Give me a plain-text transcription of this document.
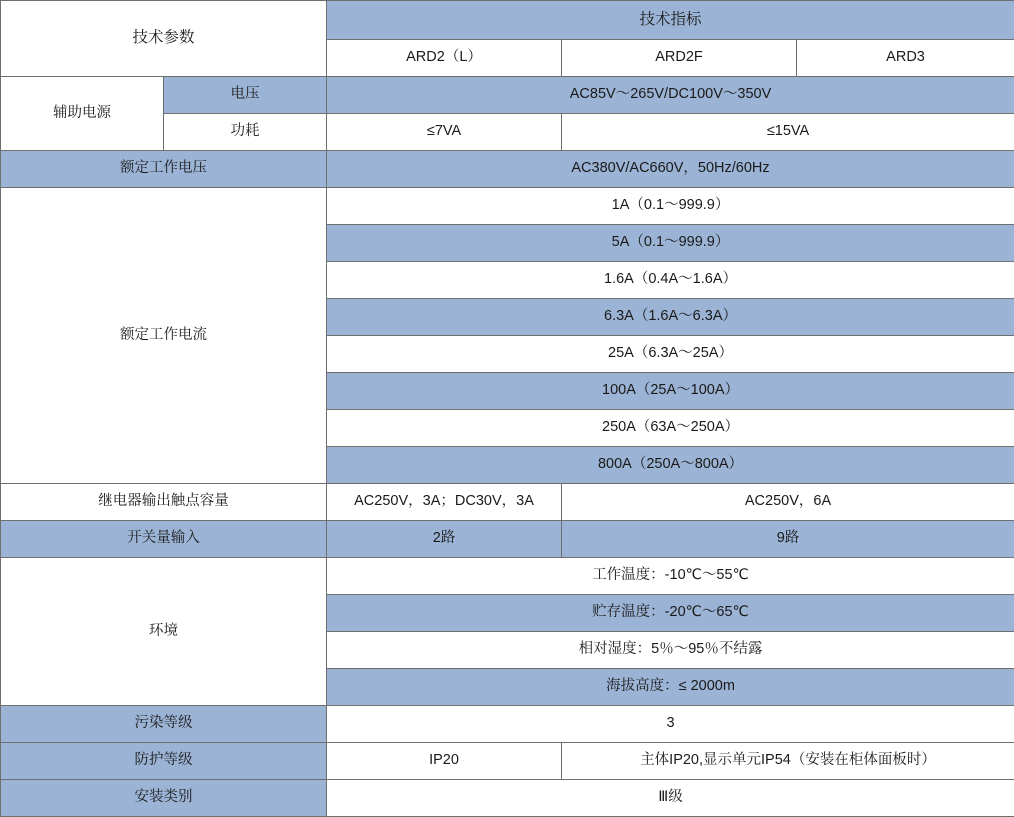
技术参数		技术指标		
		ARD2（L）	ARD2F	ARD3
辅助电源	电压	AC85V～265V/DC100V～350V		
	功耗	≤7VA	≤15VA	
额定工作电压		AC380V/AC660V，50Hz/60Hz		
额定工作电流		1A（0.1～999.9）		
		5A（0.1～999.9）		
		1.6A（0.4A～1.6A）		
		6.3A（1.6A～6.3A）		
		25A（6.3A～25A）		
		100A（25A～100A）		
		250A（63A～250A）		
		800A（250A～800A）		
继电器输出触点容量		AC250V，3A；DC30V，3A	AC250V，6A	
开关量输入		2路	9路	
环境		工作温度：-10℃～55℃		
		贮存温度：-20℃～65℃		
		相对湿度：5％～95％不结露		
		海拔高度：≤ 2000m		
污染等级		3		
防护等级		IP20	主体IP20,显示单元IP54（安装在柜体面板时）	
安装类别		Ⅲ级		
